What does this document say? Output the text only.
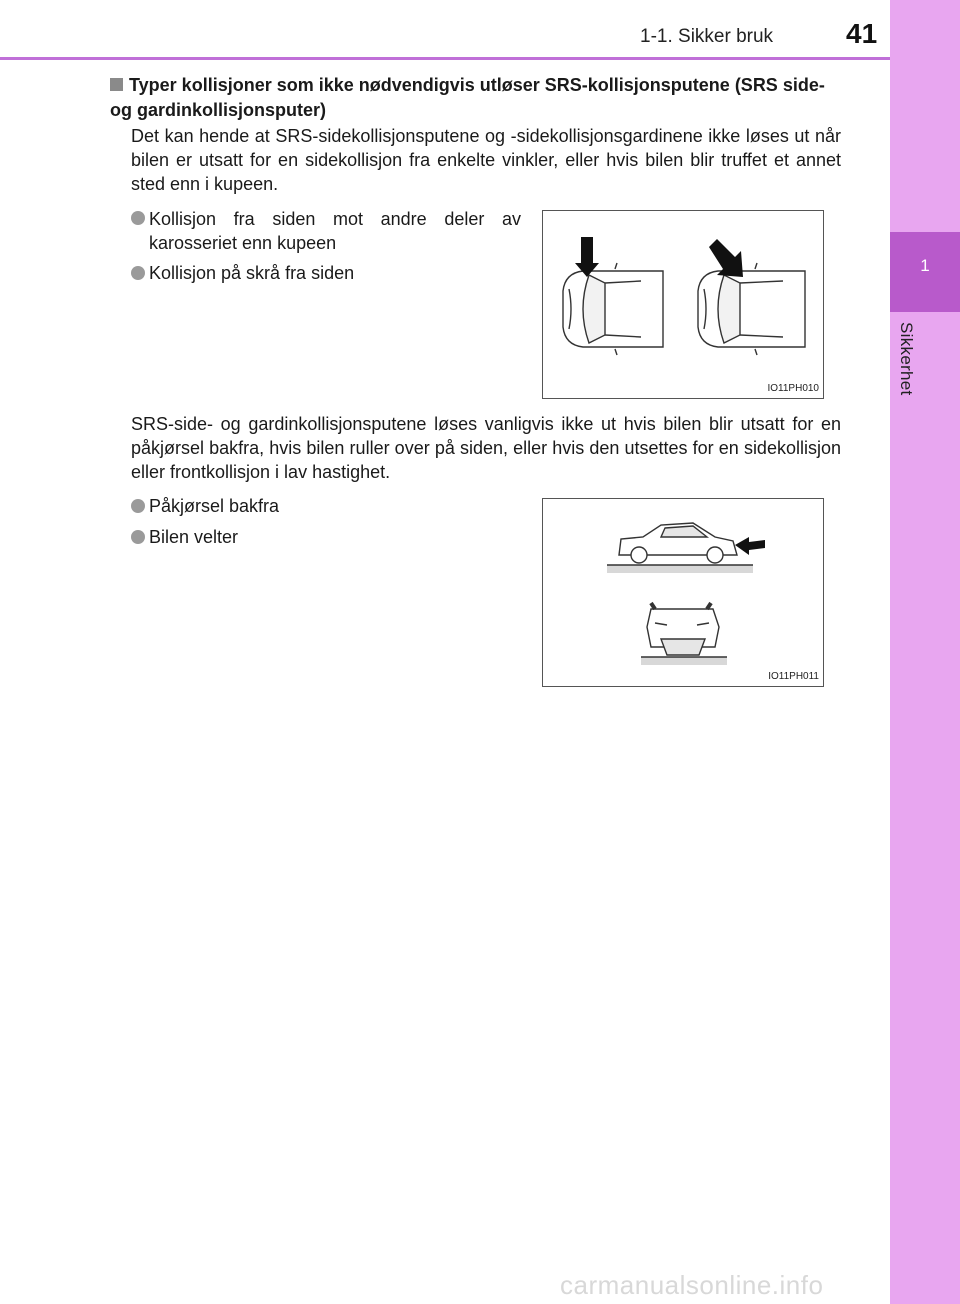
1
Sikkerhet
1-1. Sikker bruk	41
Typer kollisjoner som ikke nødvendigvis utløser SRS-kollisjonsputene (SRS side- og gardinkollisjonsputer)
Det kan hende at SRS-sidekollisjonsputene og -sidekollisjonsgardinene ikke løses ut når bilen er utsatt for en sidekollisjon fra enkelte vinkler, eller hvis bilen blir truffet et annet sted enn i kupeen.
Kollisjon fra siden mot andre deler av karosseriet enn kupeen
Kollisjon på skrå fra siden
IO11PH010
SRS-side- og gardinkollisjonsputene løses vanligvis ikke ut hvis bilen blir utsatt for en påkjørsel bakfra, hvis bilen ruller over på siden, eller hvis den utsettes for en sidekollisjon eller frontkollisjon i lav hastighet.
Påkjørsel bakfra
Bilen velter
IO11PH011
carmanualsonline.info
